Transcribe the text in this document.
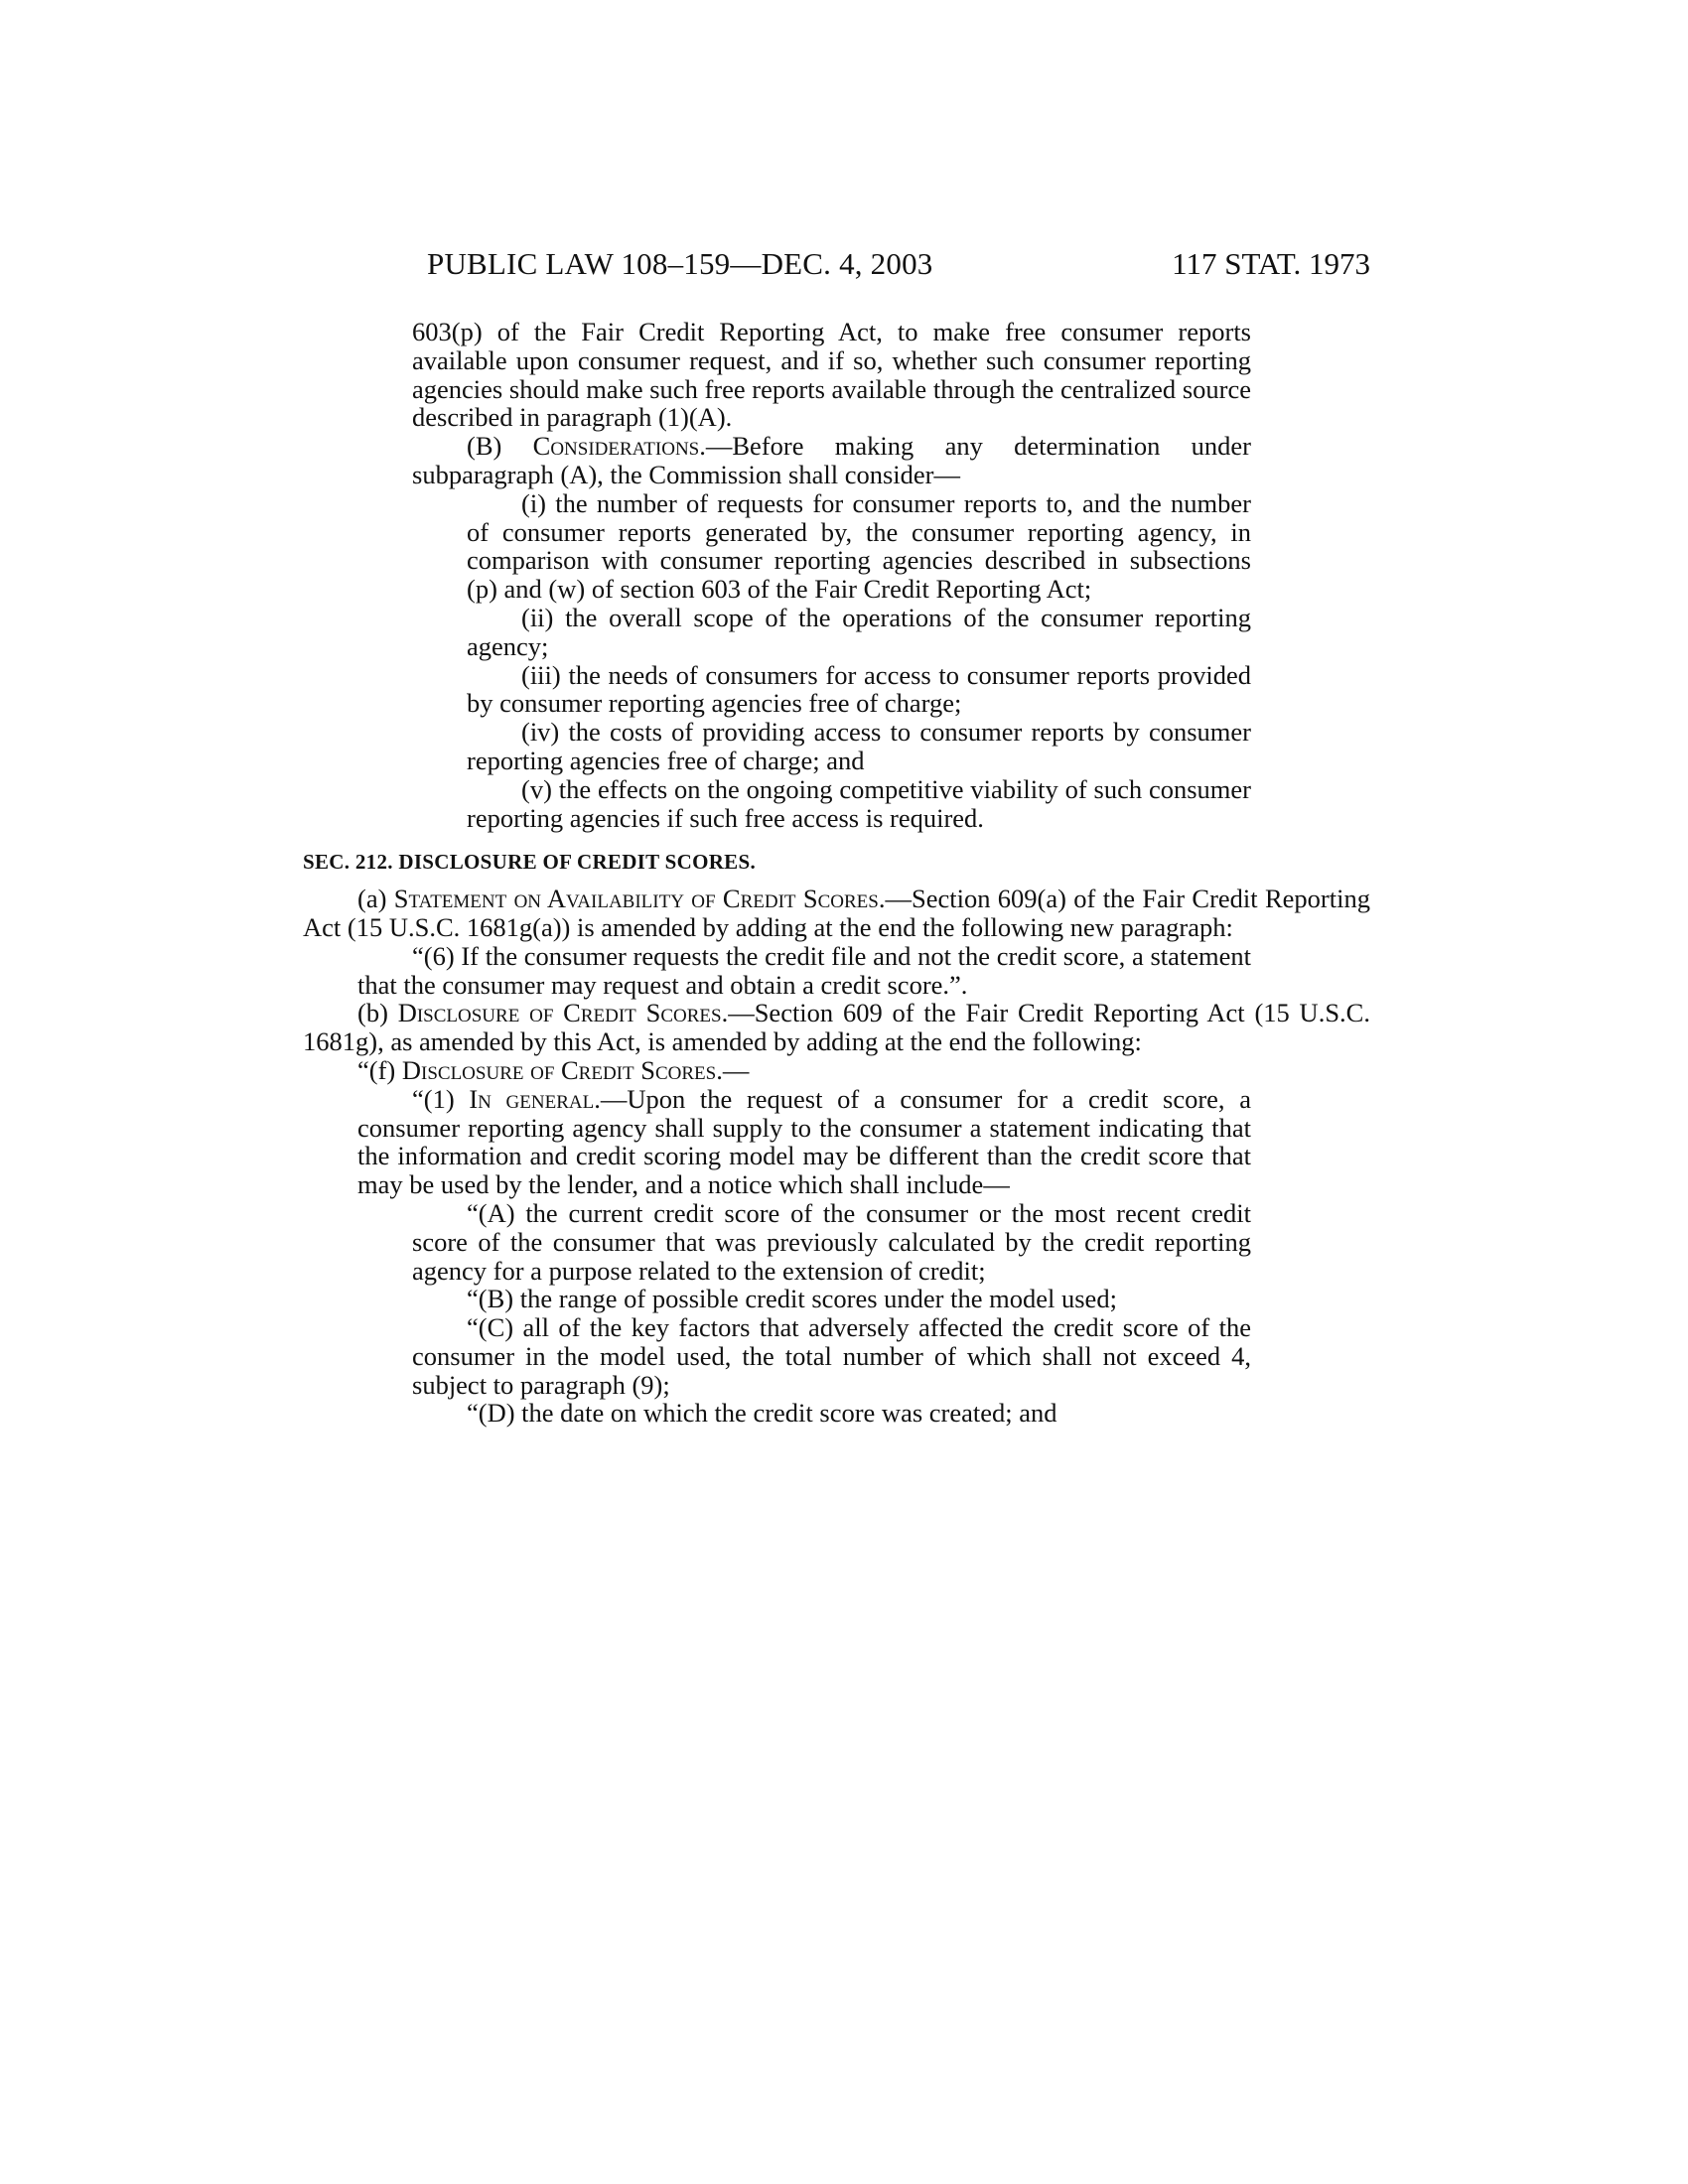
PUBLIC LAW 108–159—DEC. 4, 2003	117 STAT. 1973

603(p) of the Fair Credit Reporting Act, to make free consumer reports available upon consumer request, and if so, whether such consumer reporting agencies should make such free reports available through the centralized source described in paragraph (1)(A).

(B) Considerations.—Before making any determination under subparagraph (A), the Commission shall consider—

(i) the number of requests for consumer reports to, and the number of consumer reports generated by, the consumer reporting agency, in comparison with consumer reporting agencies described in subsections (p) and (w) of section 603 of the Fair Credit Reporting Act;

(ii) the overall scope of the operations of the consumer reporting agency;

(iii) the needs of consumers for access to consumer reports provided by consumer reporting agencies free of charge;

(iv) the costs of providing access to consumer reports by consumer reporting agencies free of charge; and

(v) the effects on the ongoing competitive viability of such consumer reporting agencies if such free access is required.

SEC. 212. DISCLOSURE OF CREDIT SCORES.

(a) Statement on Availability of Credit Scores.—Section 609(a) of the Fair Credit Reporting Act (15 U.S.C. 1681g(a)) is amended by adding at the end the following new paragraph:

“(6) If the consumer requests the credit file and not the credit score, a statement that the consumer may request and obtain a credit score.”.

(b) Disclosure of Credit Scores.—Section 609 of the Fair Credit Reporting Act (15 U.S.C. 1681g), as amended by this Act, is amended by adding at the end the following:

“(f) Disclosure of Credit Scores.—

“(1) In general.—Upon the request of a consumer for a credit score, a consumer reporting agency shall supply to the consumer a statement indicating that the information and credit scoring model may be different than the credit score that may be used by the lender, and a notice which shall include—

“(A) the current credit score of the consumer or the most recent credit score of the consumer that was previously calculated by the credit reporting agency for a purpose related to the extension of credit;

“(B) the range of possible credit scores under the model used;

“(C) all of the key factors that adversely affected the credit score of the consumer in the model used, the total number of which shall not exceed 4, subject to paragraph (9);

“(D) the date on which the credit score was created; and
